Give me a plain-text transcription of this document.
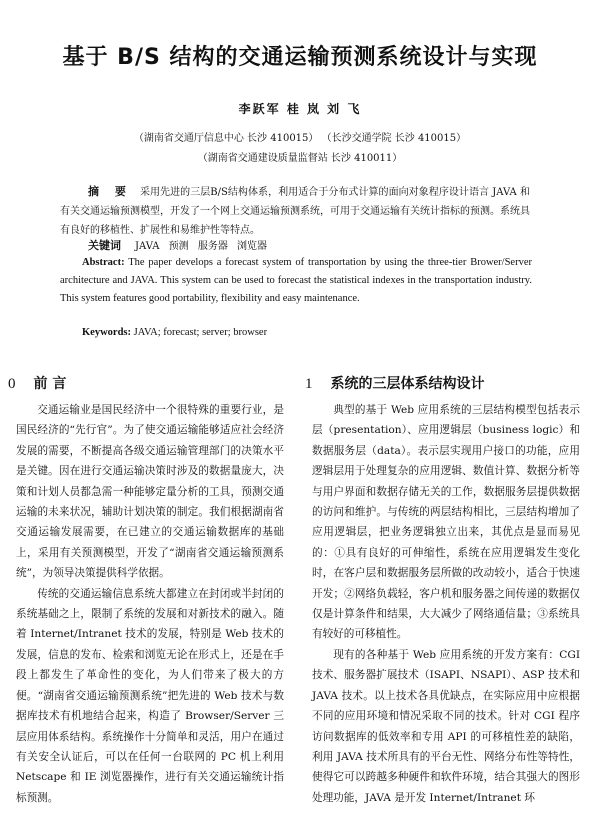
基于 B/S 结构的交通运输预测系统设计与实现
李跃军 桂 岚 刘 飞
（湖南省交通厅信息中心 长沙 410015） （长沙交通学院 长沙 410015）
（湖南省交通建设质量监督站 长沙 410011）
摘 要 采用先进的三层B/S结构体系，利用适合于分布式计算的面向对象程序设计语言 JAVA 和有关交通运输预测模型，开发了一个网上交通运输预测系统，可用于交通运输有关统计指标的预测。系统具有良好的移植性、扩展性和易维护性等特点。
关键词 JAVA 预测 服务器 浏览器
Abstract: The paper develops a forecast system of transportation by using the three-tier Brower/Server architecture and JAVA. This system can be used to forecast the statistical indexes in the transportation industry. This system features good portability, flexibility and easy maintenance.
Keywords: JAVA; forecast; server; browser
0 前 言

交通运输业是国民经济中一个很特殊的重要行业，是国民经济的“先行官”。为了使交通运输能够适应社会经济发展的需要，不断提高各级交通运输管理部门的决策水平是关键。因在进行交通运输决策时涉及的数据量庞大，决策和计划人员都急需一种能够定量分析的工具，预测交通运输的未来状况，辅助计划决策的制定。我们根据湖南省交通运输发展需要，在已建立的交通运输数据库的基础上，采用有关预测模型，开发了“湖南省交通运输预测系统”，为领导决策提供科学依据。

传统的交通运输信息系统大都建立在封闭或半封闭的系统基础之上，限制了系统的发展和对新技术的融入。随着 Internet/Intranet 技术的发展，特别是 Web 技术的发展，信息的发布、检索和浏览无论在形式上，还是在手段上都发生了革命性的变化，为人们带来了极大的方便。“湖南省交通运输预测系统”把先进的 Web 技术与数据库技术有机地结合起来，构造了 Browser/Server 三层应用体系结构。系统操作十分简单和灵活，用户在通过有关安全认证后，可以在任何一台联网的 PC 机上利用 Netscape 和 IE 浏览器操作，进行有关交通运输统计指标预测。

1 系统的三层体系结构设计

典型的基于 Web 应用系统的三层结构模型包括表示层（presentation）、应用逻辑层（business logic）和数据服务层（data）。表示层实现用户接口的功能，应用逻辑层用于处理复杂的应用逻辑、数值计算、数据分析等与用户界面和数据存储无关的工作，数据服务层提供数据的访问和维护。与传统的两层结构相比，三层结构增加了应用逻辑层，把业务逻辑独立出来，其优点是显而易见的：①具有良好的可伸缩性，系统在应用逻辑发生变化时，在客户层和数据服务层所做的改动较小，适合于快速开发；②网络负载轻，客户机和服务器之间传递的数据仅仅是计算条件和结果，大大减少了网络通信量；③系统具有较好的可移植性。

现有的各种基于 Web 应用系统的开发方案有：CGI 技术、服务器扩展技术（ISAPI、NSAPI）、ASP 技术和 JAVA 技术。以上技术各具优缺点，在实际应用中应根据不同的应用环境和情况采取不同的技术。针对 CGI 程序访问数据库的低效率和专用 API 的可移植性差的缺陷，利用 JAVA 技术所具有的平台无性、网络分布性等特性，使得它可以跨越多种硬件和软件环境，结合其强大的图形处理功能，JAVA 是开发 Internet/Intranet 环
